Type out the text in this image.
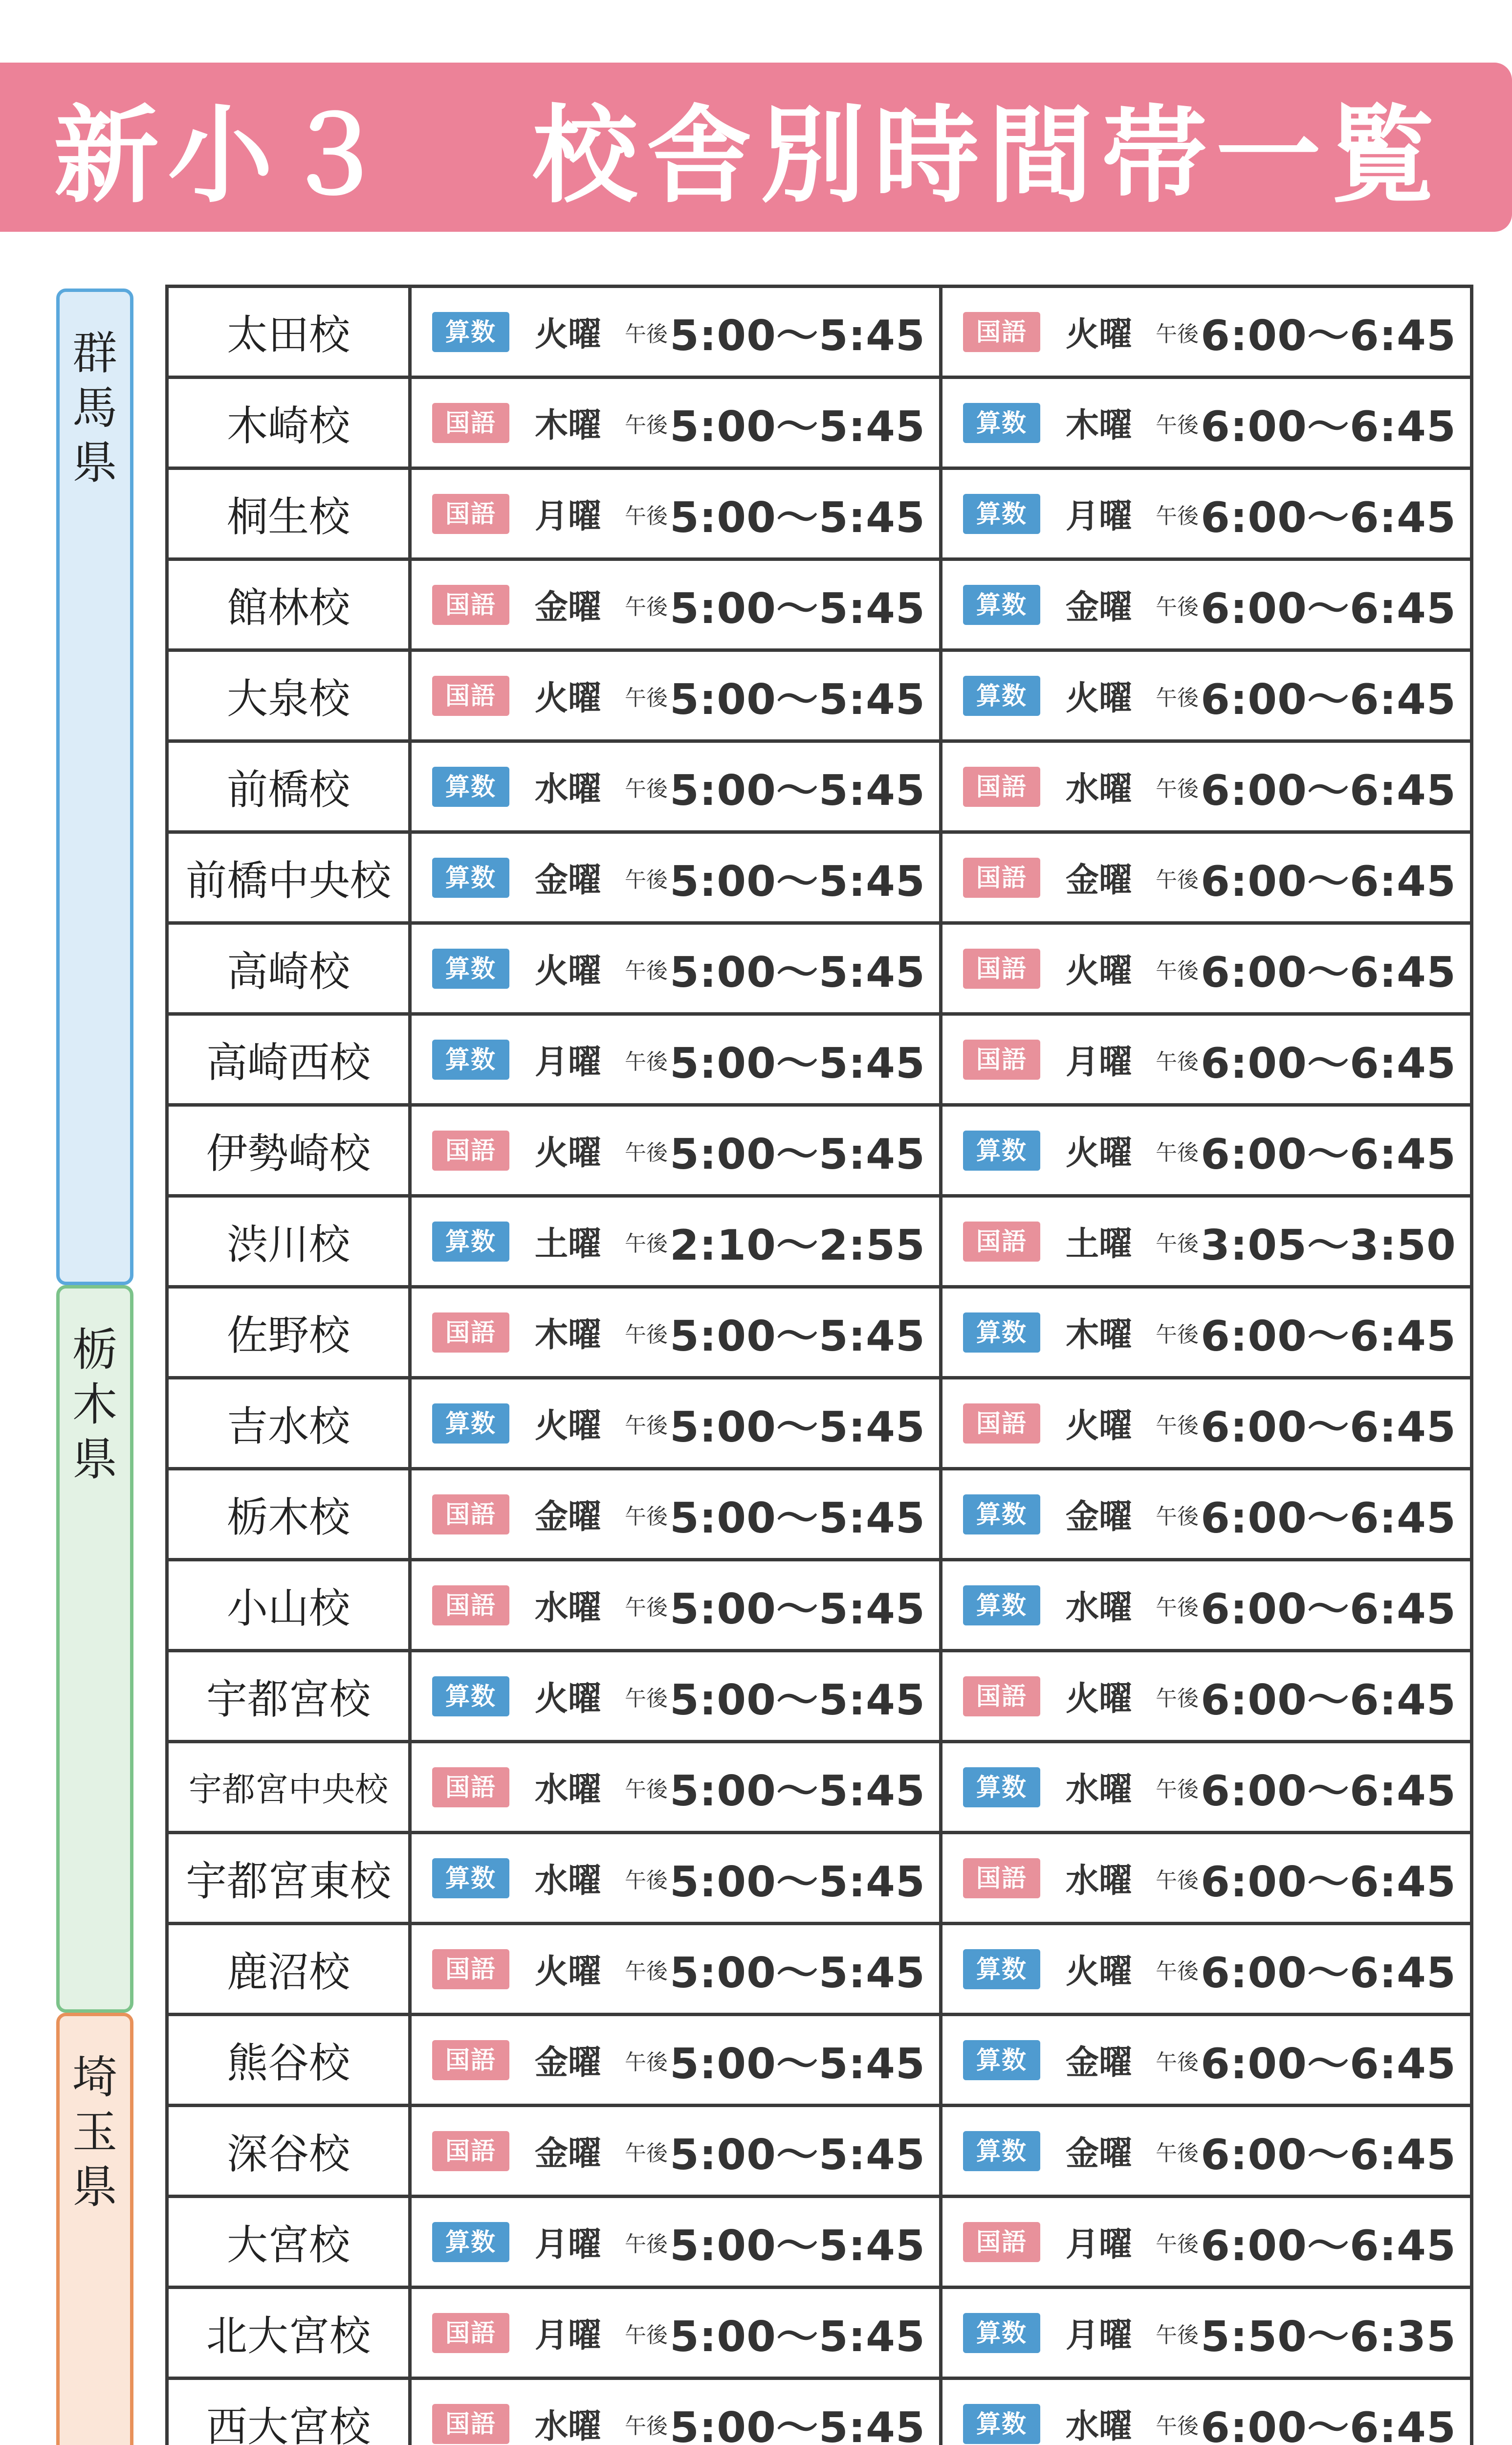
新小３ 校舎別時間帯一覧
群
馬
県
栃
木
県
埼
玉
県
太田校	算数 火曜 午後 5:00～5:45	国語 火曜 午後 6:00～6:45

木崎校	国語 木曜 午後 5:00～5:45	算数 木曜 午後 6:00～6:45

桐生校	国語 月曜 午後 5:00～5:45	算数 月曜 午後 6:00～6:45

館林校	国語 金曜 午後 5:00～5:45	算数 金曜 午後 6:00～6:45

大泉校	国語 火曜 午後 5:00～5:45	算数 火曜 午後 6:00～6:45

前橋校	算数 水曜 午後 5:00～5:45	国語 水曜 午後 6:00～6:45

前橋中央校	算数 金曜 午後 5:00～5:45	国語 金曜 午後 6:00～6:45

高崎校	算数 火曜 午後 5:00～5:45	国語 火曜 午後 6:00～6:45

高崎西校	算数 月曜 午後 5:00～5:45	国語 月曜 午後 6:00～6:45

伊勢崎校	国語 火曜 午後 5:00～5:45	算数 火曜 午後 6:00～6:45

渋川校	算数 土曜 午後 2:10～2:55	国語 土曜 午後 3:05～3:50

佐野校	国語 木曜 午後 5:00～5:45	算数 木曜 午後 6:00～6:45

吉水校	算数 火曜 午後 5:00～5:45	国語 火曜 午後 6:00～6:45

栃木校	国語 金曜 午後 5:00～5:45	算数 金曜 午後 6:00～6:45

小山校	国語 水曜 午後 5:00～5:45	算数 水曜 午後 6:00～6:45

宇都宮校	算数 火曜 午後 5:00～5:45	国語 火曜 午後 6:00～6:45

宇都宮中央校	国語 水曜 午後 5:00～5:45	算数 水曜 午後 6:00～6:45

宇都宮東校	算数 水曜 午後 5:00～5:45	国語 水曜 午後 6:00～6:45

鹿沼校	国語 火曜 午後 5:00～5:45	算数 火曜 午後 6:00～6:45

熊谷校	国語 金曜 午後 5:00～5:45	算数 金曜 午後 6:00～6:45

深谷校	国語 金曜 午後 5:00～5:45	算数 金曜 午後 6:00～6:45

大宮校	算数 月曜 午後 5:00～5:45	国語 月曜 午後 6:00～6:45

北大宮校	国語 月曜 午後 5:00～5:45	算数 月曜 午後 5:50～6:35

西大宮校	国語 水曜 午後 5:00～5:45	算数 水曜 午後 6:00～6:45
